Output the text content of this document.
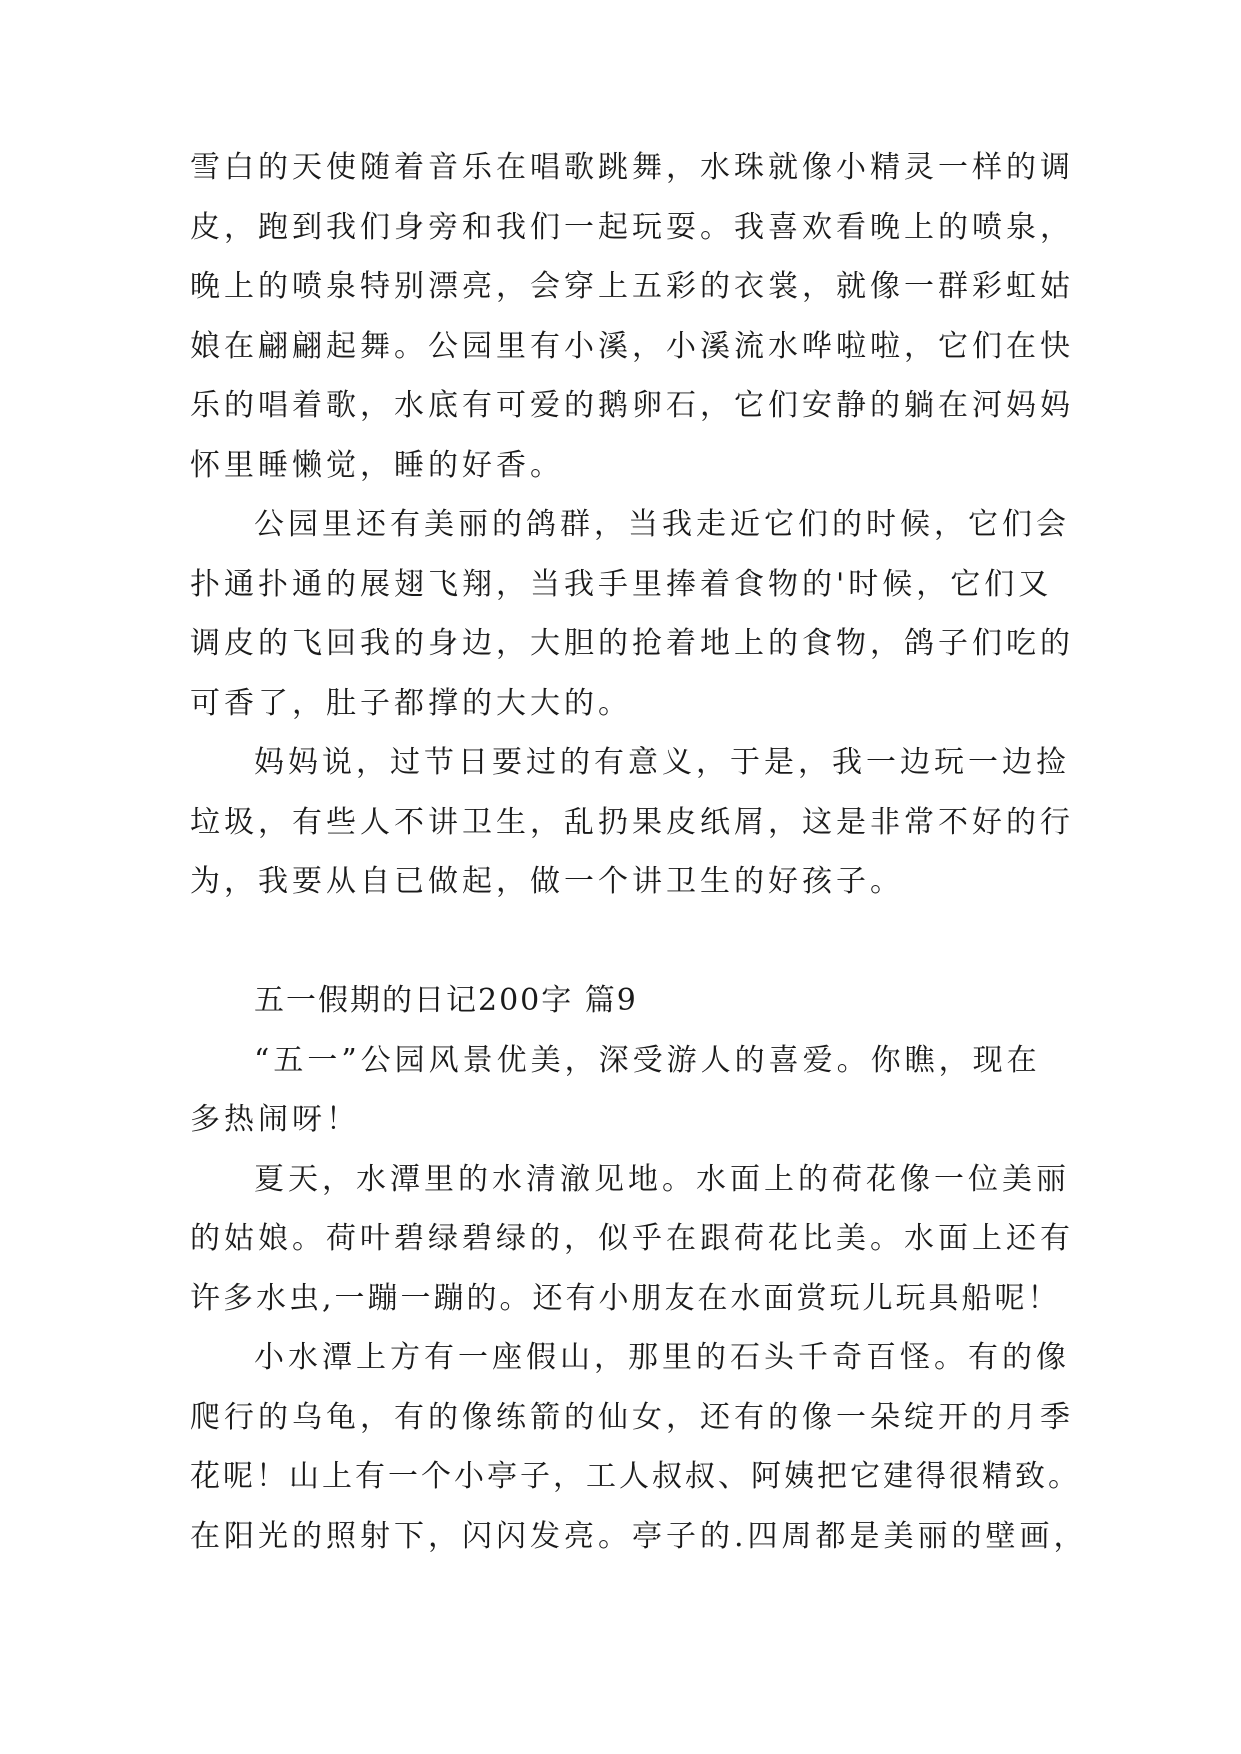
雪白的天使随着音乐在唱歌跳舞，水珠就像小精灵一样的调
皮，跑到我们身旁和我们一起玩耍。我喜欢看晚上的喷泉，
晚上的喷泉特别漂亮，会穿上五彩的衣裳，就像一群彩虹姑
娘在翩翩起舞。公园里有小溪，小溪流水哗啦啦，它们在快
乐的唱着歌，水底有可爱的鹅卵石，它们安静的躺在河妈妈
怀里睡懒觉，睡的好香。
公园里还有美丽的鸽群，当我走近它们的时候，它们会
扑通扑通的展翅飞翔，当我手里捧着食物的'时候，它们又
调皮的飞回我的身边，大胆的抢着地上的食物，鸽子们吃的
可香了，肚子都撑的大大的。
妈妈说，过节日要过的有意义，于是，我一边玩一边捡
垃圾，有些人不讲卫生，乱扔果皮纸屑，这是非常不好的行
为，我要从自已做起，做一个讲卫生的好孩子。
五一假期的日记200字 篇9
“五一”公园风景优美，深受游人的喜爱。你瞧，现在
多热闹呀！
夏天，水潭里的水清澈见地。水面上的荷花像一位美丽
的姑娘。荷叶碧绿碧绿的，似乎在跟荷花比美。水面上还有
许多水虫,一蹦一蹦的。还有小朋友在水面赏玩儿玩具船呢！
小水潭上方有一座假山，那里的石头千奇百怪。有的像
爬行的乌龟，有的像练箭的仙女，还有的像一朵绽开的月季
花呢！山上有一个小亭子，工人叔叔、阿姨把它建得很精致。
在阳光的照射下，闪闪发亮。亭子的.四周都是美丽的壁画，
